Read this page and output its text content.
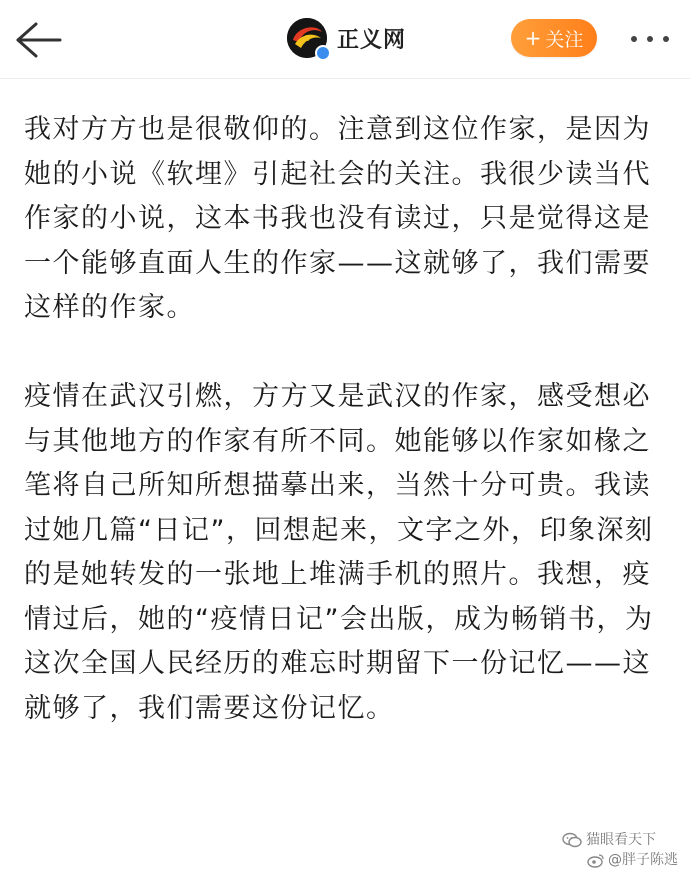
正义网	+ 关注

我对方方也是很敬仰的。注意到这位作家，是因为她的小说《软埋》引起社会的关注。我很少读当代作家的小说，这本书我也没有读过，只是觉得这是一个能够直面人生的作家——这就够了，我们需要这样的作家。

疫情在武汉引燃，方方又是武汉的作家，感受想必与其他地方的作家有所不同。她能够以作家如椽之笔将自己所知所想描摹出来，当然十分可贵。我读过她几篇“日记”，回想起来，文字之外，印象深刻的是她转发的一张地上堆满手机的照片。我想，疫情过后，她的“疫情日记”会出版，成为畅销书，为这次全国人民经历的难忘时期留下一份记忆——这就够了，我们需要这份记忆。

猫眼看天下
@胖子陈逃
